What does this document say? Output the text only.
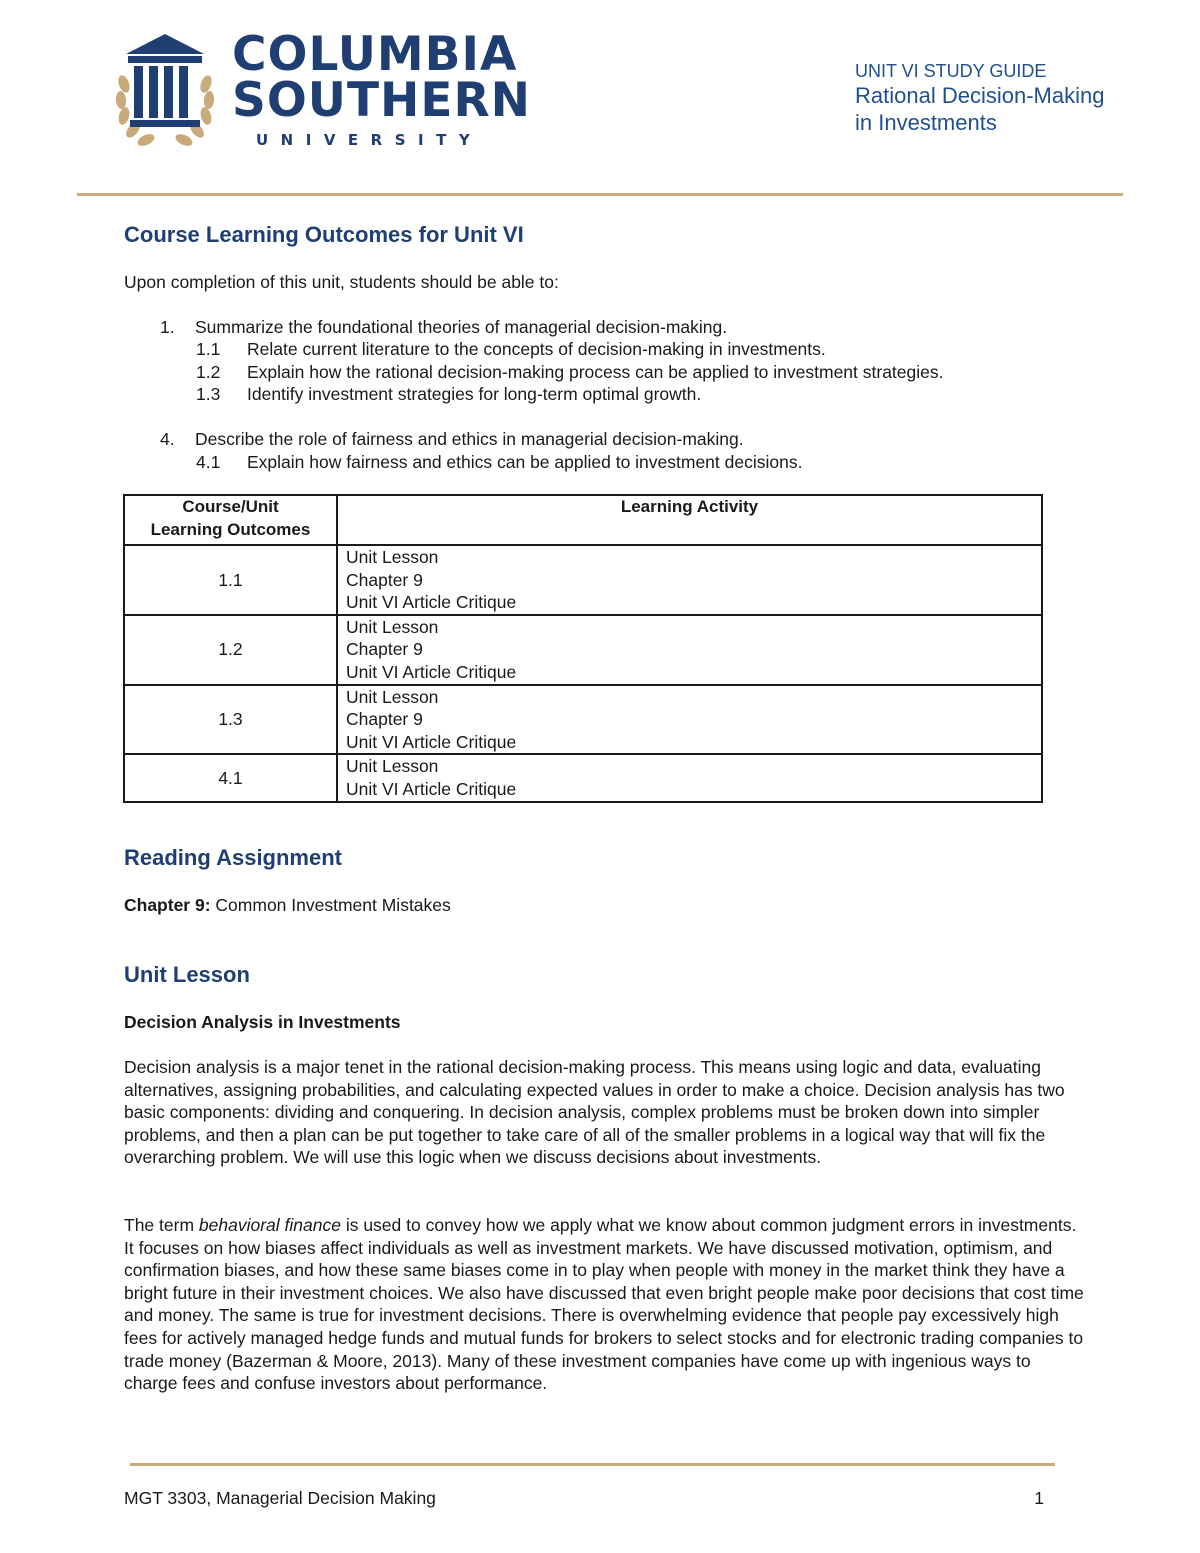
COLUMBIA
SOUTHERN
UNIVERSITY
UNIT VI STUDY GUIDE
Rational Decision-Making
in Investments
Course Learning Outcomes for Unit VI

Upon completion of this unit, students should be able to:

1. Summarize the foundational theories of managerial decision-making.
1.1 Relate current literature to the concepts of decision-making in investments.
1.2 Explain how the rational decision-making process can be applied to investment strategies.
1.3 Identify investment strategies for long-term optimal growth.
4. Describe the role of fairness and ethics in managerial decision-making.
4.1 Explain how fairness and ethics can be applied to investment decisions.
Course/Unit
Learning Outcomes	Learning Activity
1.1	Unit Lesson
Chapter 9
Unit VI Article Critique

1.2	Unit Lesson
Chapter 9
Unit VI Article Critique

1.3	Unit Lesson
Chapter 9
Unit VI Article Critique

4.1	Unit Lesson
Unit VI Article Critique
Reading Assignment

Chapter 9: Common Investment Mistakes

Unit Lesson

Decision Analysis in Investments

Decision analysis is a major tenet in the rational decision-making process. This means using logic and data, evaluating alternatives, assigning probabilities, and calculating expected values in order to make a choice. Decision analysis has two basic components: dividing and conquering. In decision analysis, complex problems must be broken down into simpler problems, and then a plan can be put together to take care of all of the smaller problems in a logical way that will fix the overarching problem. We will use this logic when we discuss decisions about investments.

The term behavioral finance is used to convey how we apply what we know about common judgment errors in investments. It focuses on how biases affect individuals as well as investment markets. We have discussed motivation, optimism, and confirmation biases, and how these same biases come in to play when people with money in the market think they have a bright future in their investment choices. We also have discussed that even bright people make poor decisions that cost time and money. The same is true for investment decisions. There is overwhelming evidence that people pay excessively high fees for actively managed hedge funds and mutual funds for brokers to select stocks and for electronic trading companies to trade money (Bazerman & Moore, 2013). Many of these investment companies have come up with ingenious ways to charge fees and confuse investors about performance.

MGT 3303, Managerial Decision Making	1
